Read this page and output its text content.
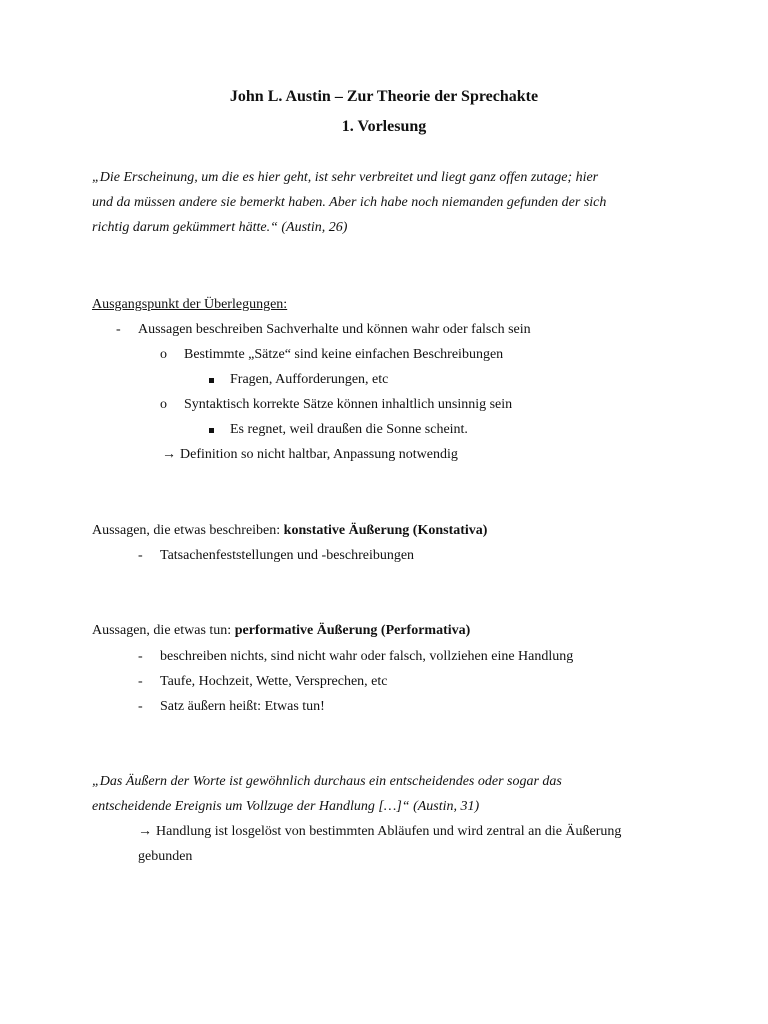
John L. Austin – Zur Theorie der Sprechakte
1. Vorlesung
„Die Erscheinung, um die es hier geht, ist sehr verbreitet und liegt ganz offen zutage; hier
und da müssen andere sie bemerkt haben. Aber ich habe noch niemanden gefunden der sich
richtig darum gekümmert hätte.“ (Austin, 26)
Ausgangspunkt der Überlegungen:
- Aussagen beschreiben Sachverhalte und können wahr oder falsch sein
o Bestimmte „Sätze“ sind keine einfachen Beschreibungen
Fragen, Aufforderungen, etc
o Syntaktisch korrekte Sätze können inhaltlich unsinnig sein
Es regnet, weil draußen die Sonne scheint.
→ Definition so nicht haltbar, Anpassung notwendig
Aussagen, die etwas beschreiben: konstative Äußerung (Konstativa)
- Tatsachenfeststellungen und -beschreibungen
Aussagen, die etwas tun: performative Äußerung (Performativa)
- beschreiben nichts, sind nicht wahr oder falsch, vollziehen eine Handlung
- Taufe, Hochzeit, Wette, Versprechen, etc
- Satz äußern heißt: Etwas tun!
„Das Äußern der Worte ist gewöhnlich durchaus ein entscheidendes oder sogar das
entscheidende Ereignis um Vollzuge der Handlung […]“ (Austin, 31)
→ Handlung ist losgelöst von bestimmten Abläufen und wird zentral an die Äußerung
gebunden
